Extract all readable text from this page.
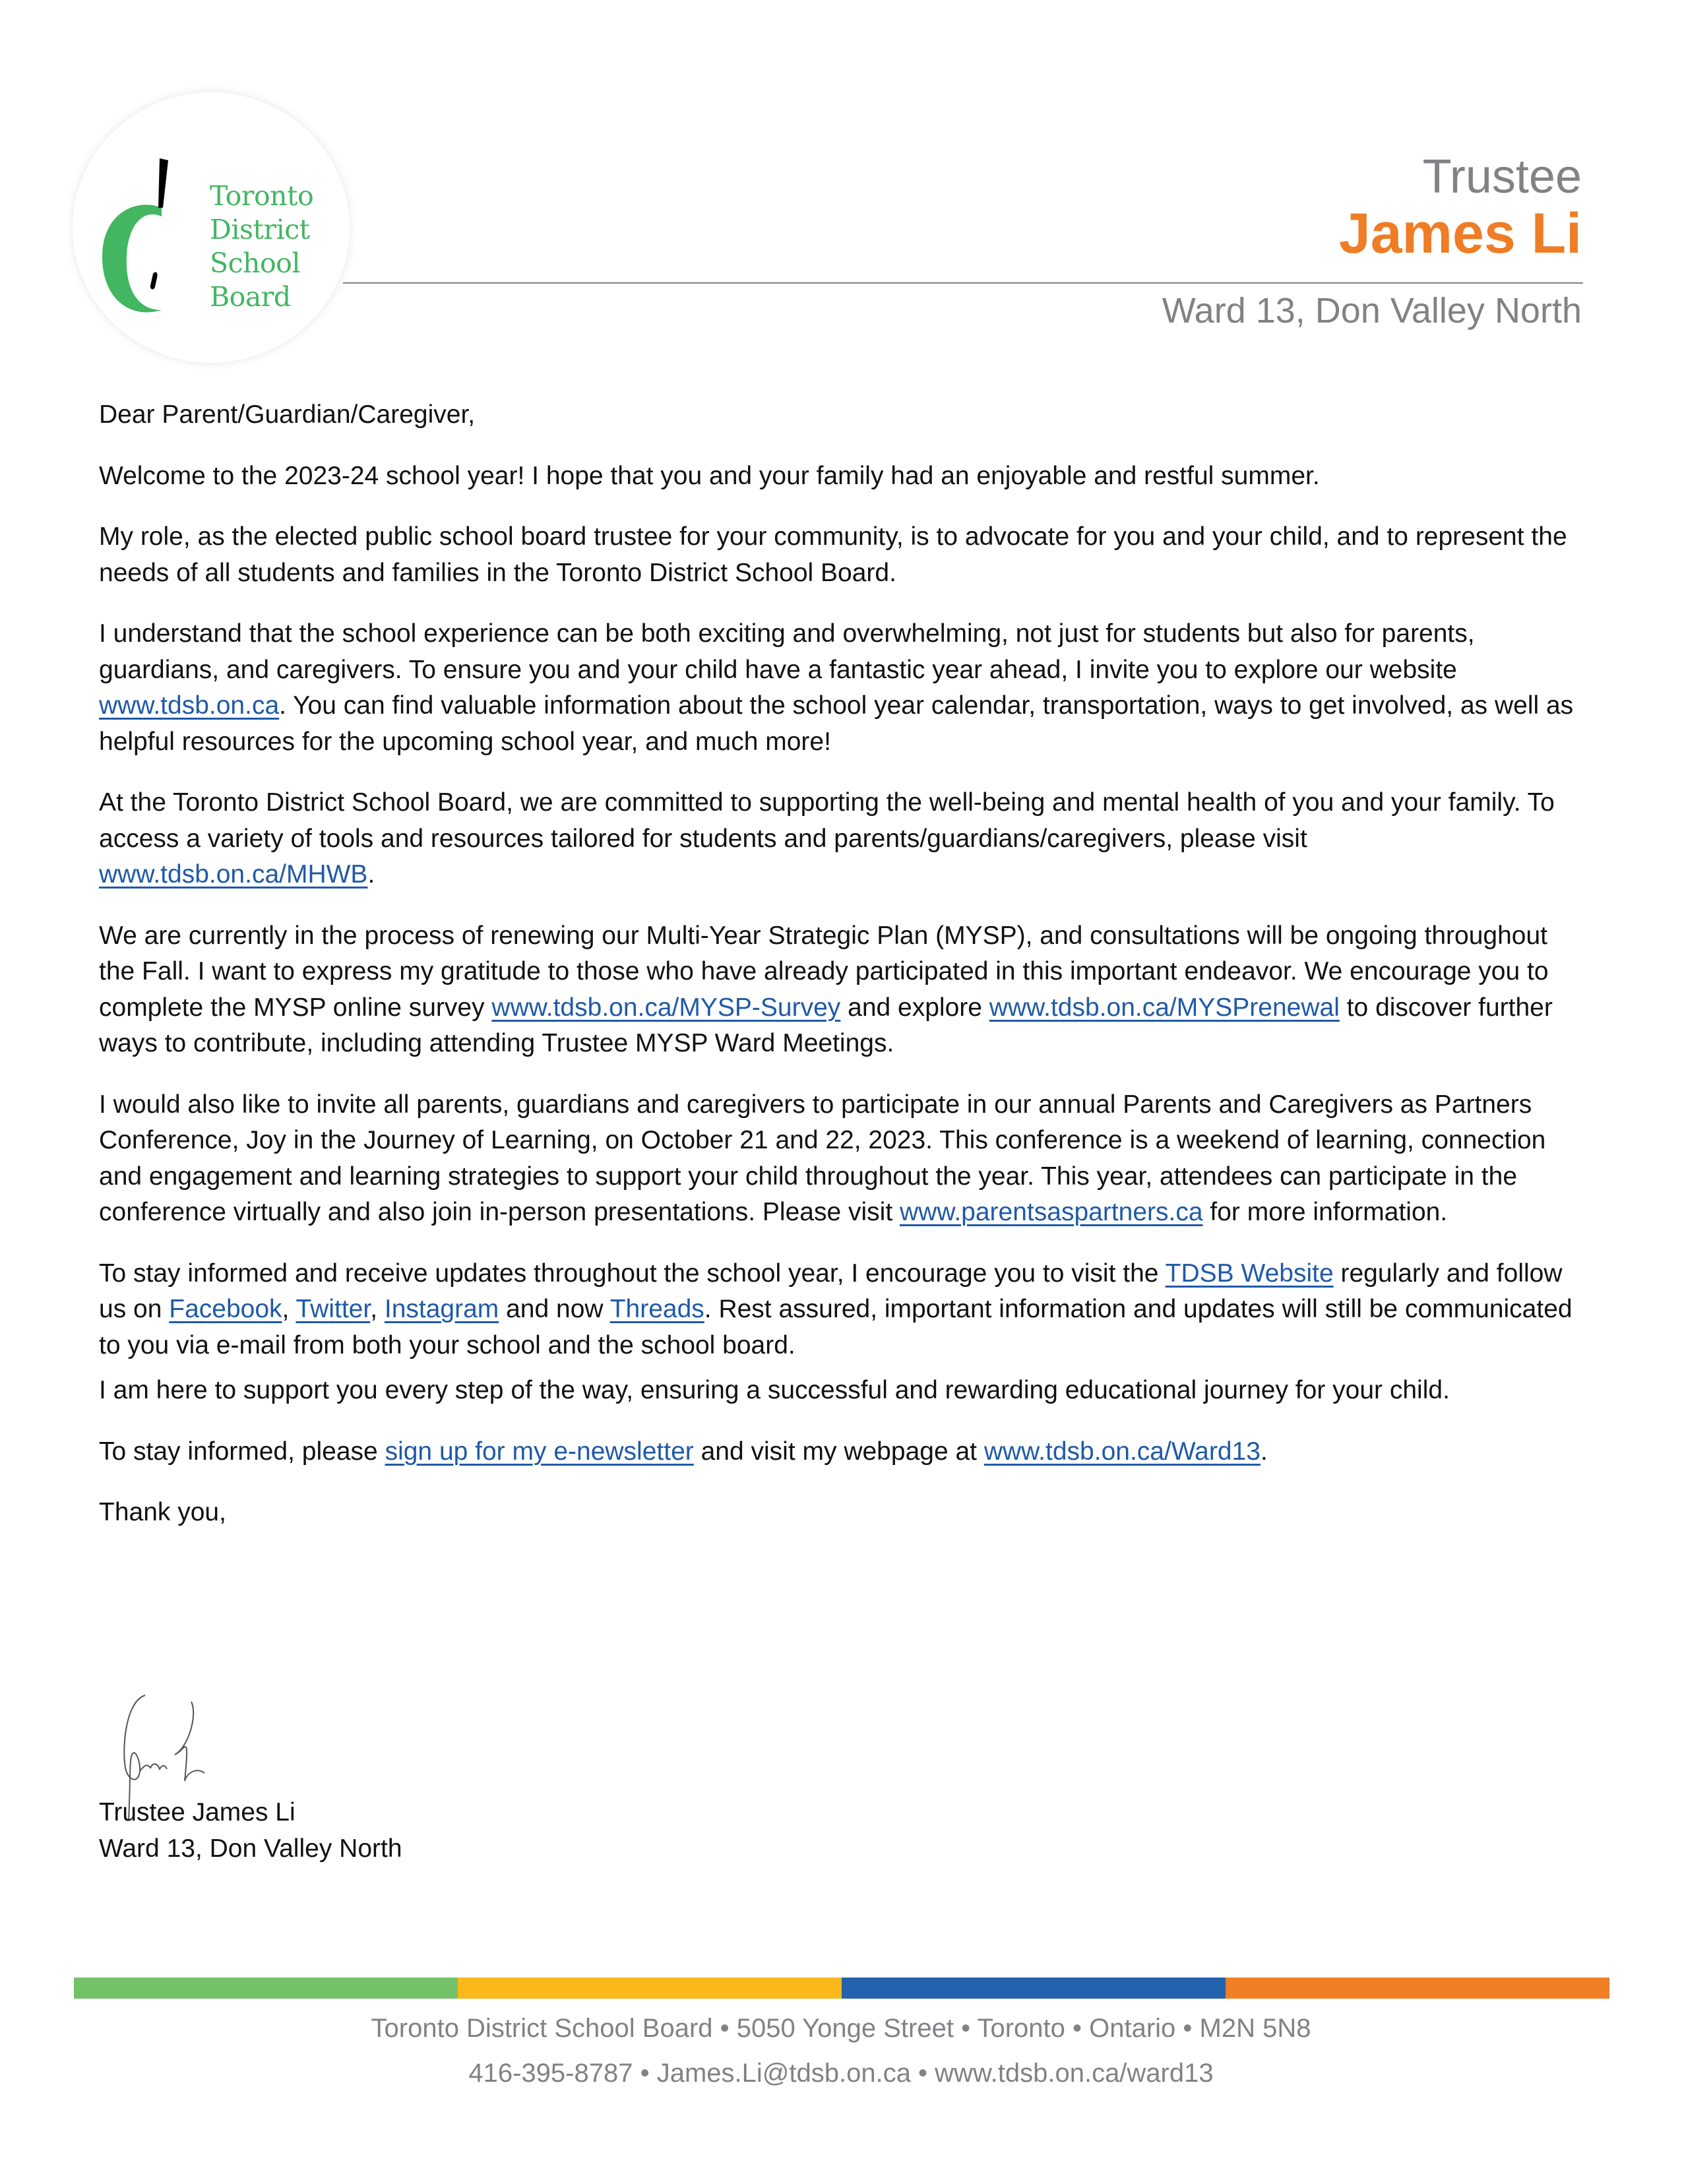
Toronto
District
School
Board
Trustee
James Li
Ward 13, Don Valley North

Dear Parent/Guardian/Caregiver,

Welcome to the 2023-24 school year! I hope that you and your family had an enjoyable and restful summer.

My role, as the elected public school board trustee for your community, is to advocate for you and your child, and to represent the needs of all students and families in the Toronto District School Board.

I understand that the school experience can be both exciting and overwhelming, not just for students but also for parents, guardians, and caregivers. To ensure you and your child have a fantastic year ahead, I invite you to explore our website www.tdsb.on.ca. You can find valuable information about the school year calendar, transportation, ways to get involved, as well as helpful resources for the upcoming school year, and much more!

At the Toronto District School Board, we are committed to supporting the well-being and mental health of you and your family. To access a variety of tools and resources tailored for students and parents/guardians/caregivers, please visit www.tdsb.on.ca/MHWB.

We are currently in the process of renewing our Multi-Year Strategic Plan (MYSP), and consultations will be ongoing throughout the Fall. I want to express my gratitude to those who have already participated in this important endeavor. We encourage you to complete the MYSP online survey www.tdsb.on.ca/MYSP-Survey and explore www.tdsb.on.ca/MYSPrenewal to discover further ways to contribute, including attending Trustee MYSP Ward Meetings.

I would also like to invite all parents, guardians and caregivers to participate in our annual Parents and Caregivers as Partners Conference, Joy in the Journey of Learning, on October 21 and 22, 2023. This conference is a weekend of learning, connection and engagement and learning strategies to support your child throughout the year. This year, attendees can participate in the conference virtually and also join in-person presentations. Please visit www.parentsaspartners.ca for more information.

To stay informed and receive updates throughout the school year, I encourage you to visit the TDSB Website regularly and follow us on Facebook, Twitter, Instagram and now Threads. Rest assured, important information and updates will still be communicated to you via e-mail from both your school and the school board.

I am here to support you every step of the way, ensuring a successful and rewarding educational journey for your child.

To stay informed, please sign up for my e-newsletter and visit my webpage at www.tdsb.on.ca/Ward13.

Thank you,

Trustee James Li
Ward 13, Don Valley North
Toronto District School Board • 5050 Yonge Street • Toronto • Ontario • M2N 5N8
416-395-8787 • James.Li@tdsb.on.ca • www.tdsb.on.ca/ward13
